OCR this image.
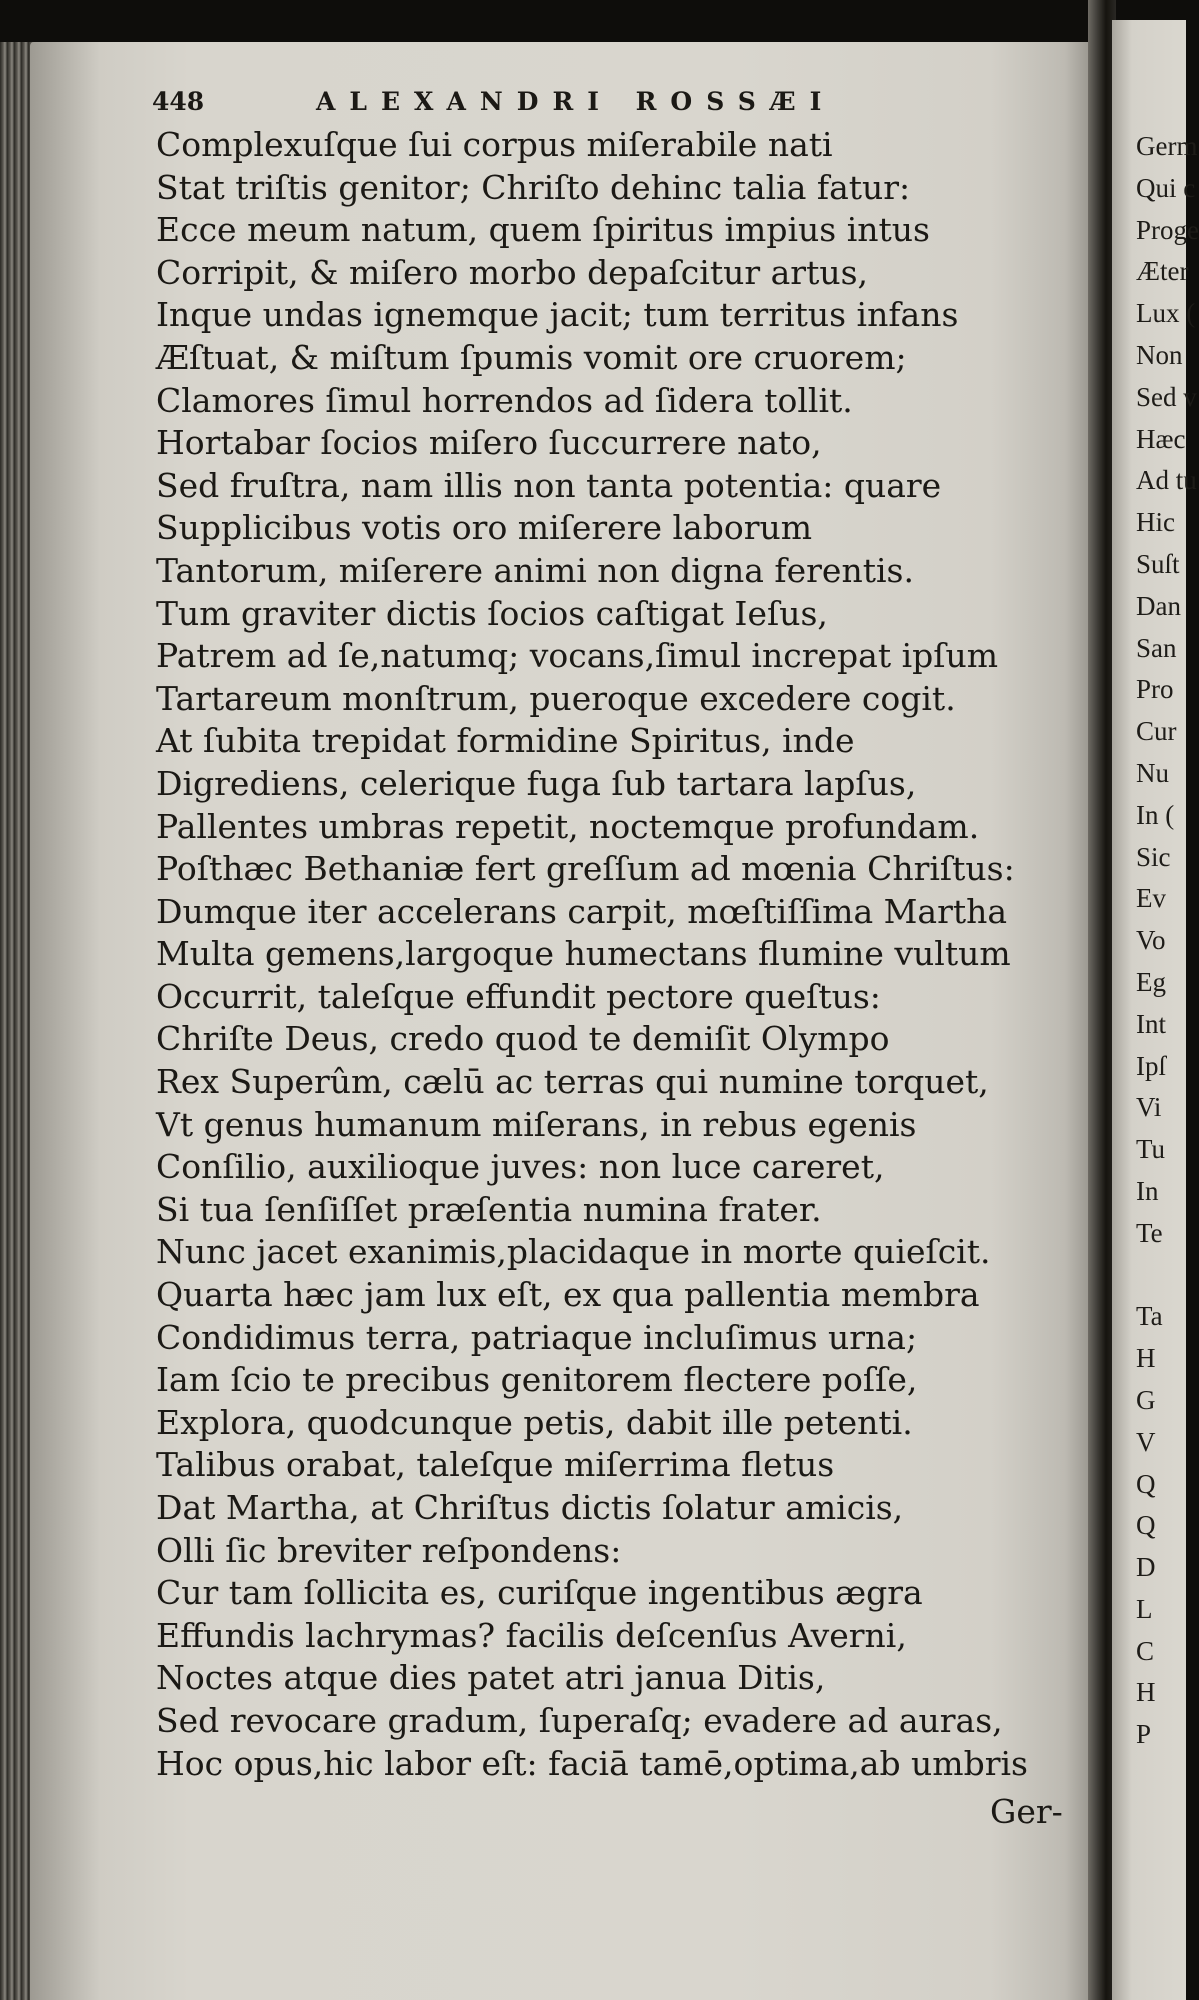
448	ALEXANDRI ROSSÆI
Complexuſque ſui corpus miſerabile nati
Stat triſtis genitor; Chriſto dehinc talia fatur:
Ecce meum natum, quem ſpiritus impius intus
Corripit, & miſero morbo depaſcitur artus,
Inque undas ignemque jacit; tum territus infans
Æſtuat, & miſtum ſpumis vomit ore cruorem;
Clamores ſimul horrendos ad ſidera tollit.
Hortabar ſocios miſero ſuccurrere nato,
Sed fruſtra, nam illis non tanta potentia: quare
Supplicibus votis oro miſerere laborum
Tantorum, miſerere animi non digna ferentis.
Tum graviter dictis ſocios caſtigat Ieſus,
Patrem ad ſe,natumq; vocans,ſimul increpat ipſum
Tartareum monſtrum, pueroque excedere cogit.
At ſubita trepidat formidine Spiritus, inde
Digrediens, celerique fuga ſub tartara lapſus,
Pallentes umbras repetit, noctemque profundam.
Poſthæc Bethaniæ fert greſſum ad mœnia Chriſtus:
Dumque iter accelerans carpit, mœſtiſſima Martha
Multa gemens,largoque humectans flumine vultum
Occurrit, taleſque effundit pectore queſtus:
Chriſte Deus, credo quod te demiſit Olympo
Rex Superûm, cælū ac terras qui numine torquet,
Vt genus humanum miſerans, in rebus egenis
Conſilio, auxilioque juves: non luce careret,
Si tua ſenſiſſet præſentia numina frater.
Nunc jacet exanimis,placidaque in morte quieſcit.
Quarta hæc jam lux eſt, ex qua pallentia membra
Condidimus terra, patriaque incluſimus urna;
Iam ſcio te precibus genitorem flectere poſſe,
Explora, quodcunque petis, dabit ille petenti.
Talibus orabat, taleſque miſerrima fletus
Dat Martha, at Chriſtus dictis ſolatur amicis,
Olli ſic breviter reſpondens:
Cur tam ſollicita es, curiſque ingentibus ægra
Effundis lachrymas? facilis deſcenſus Averni,
Noctes atque dies patet atri janua Ditis,
Sed revocare gradum, ſuperaſq; evadere ad auras,
Hoc opus,hic labor eſt: faciā tamē,optima,ab umbris
Ger-
Germ
Qui c
Proge
Æter
Lux (
Non
Sed v
Hæc
Ad tu
Hic
Suſt
Dan
San
Pro
Cur
Nu
In (
Sic
Ev
Vo
Eg
Int
Ipſ
Vi
Tu
In
Te
Ta
H
G
V
Q
Q
D
L
C
H
P
